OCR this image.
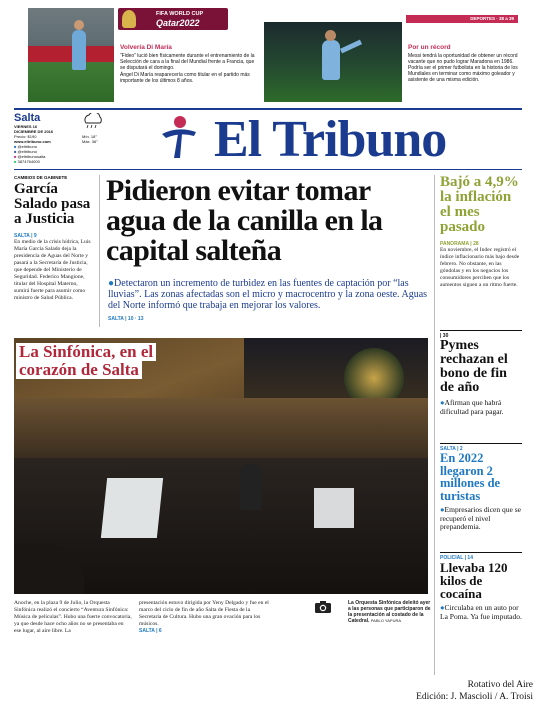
FIFA WORLD CUP
Qatar2022
Volvería Di María
“Fideo” lució bien físicamente durante el entrenamiento de la Selección de cara a la final del Mundial frente a Francia, que se disputará el domingo.
Ángel Di María reaparecería como titular en el partido más importante de los últimos 8 años.
DEPORTES · 38 a 39
Por un récord
Messi tendrá la oportunidad de obtener un récord vacante que no pudo lograr Maradona en 1986.
Podría ser el primer futbolista en la historia de los Mundiales en terminar como máximo goleador y asistente de una misma edición.
Salta
VIERNES 16
DICIEMBRE DE 2016
Precio: $190
www.eltribuno.com
■ @eltribuno
■ @eltribuno
■ @eltribunosalta
■ 3874764000
Mín. 18°
Máx. 36° El Tribuno
CAMBIOS DE GABINETE
García Salado pasa a Justicia
SALTA | 9
En medio de la crisis hídrica, Luis María García Salado deja la presidencia de Aguas del Norte y pasará a la Secretaría de Justicia, que depende del Ministerio de Seguridad. Federico Mangione, titular del Hospital Materno, sumirá fuerte para asumir como ministro de Salud Pública.
Pidieron evitar tomar agua de la canilla en la capital salteña
●Detectaron un incremento de turbidez en las fuentes de captación por “las lluvias”. Las zonas afectadas son el micro y macrocentro y la zona oeste. Aguas del Norte informó que trabaja en mejorar los valores.
SALTA | 10 · 13
Bajó a 4,9% la inflación el mes pasado
PANORAMA | 28
En noviembre, el Indec registró el índice inflacionario más bajo desde febrero. No obstante, en las góndolas y en los negocios los consumidores perciben que los aumentos siguen a un ritmo fuerte.
| 30
Pymes rechazan el bono de fin de año
●Afirman que habrá dificultad para pagar.
SALTA | 2
En 2022 llegaron 2 millones de turistas
●Empresarios dicen que se recuperó el nivel prepandemia.
POLICIAL | 14
Llevaba 120 kilos de cocaína
●Circulaba en un auto por La Poma. Ya fue imputado.
La Sinfónica, en el
corazón de Salta
Anoche, en la plaza 9 de Julio, la Orquesta Sinfónica realizó el concierto “Aventura Sinfónica: Música de películas”. Hubo una fuerte convocatoria, ya que desde hace ocho años no se presentaba en ese lugar, al aire libre. La
presentación estuvo dirigida por Yeny Delgado y fue en el marco del ciclo de fin de año Salta de Fiesta de la Secretaría de Cultura. Hubo una gran ovación para los músicos.
SALTA | 6
La Orquesta Sinfónica deleitó ayer a las personas que participaron de la presentación al costado de la Catedral. PABLO YAPURA
Rotativo del Aire
Edición: J. Mascioli / A. Troisi
